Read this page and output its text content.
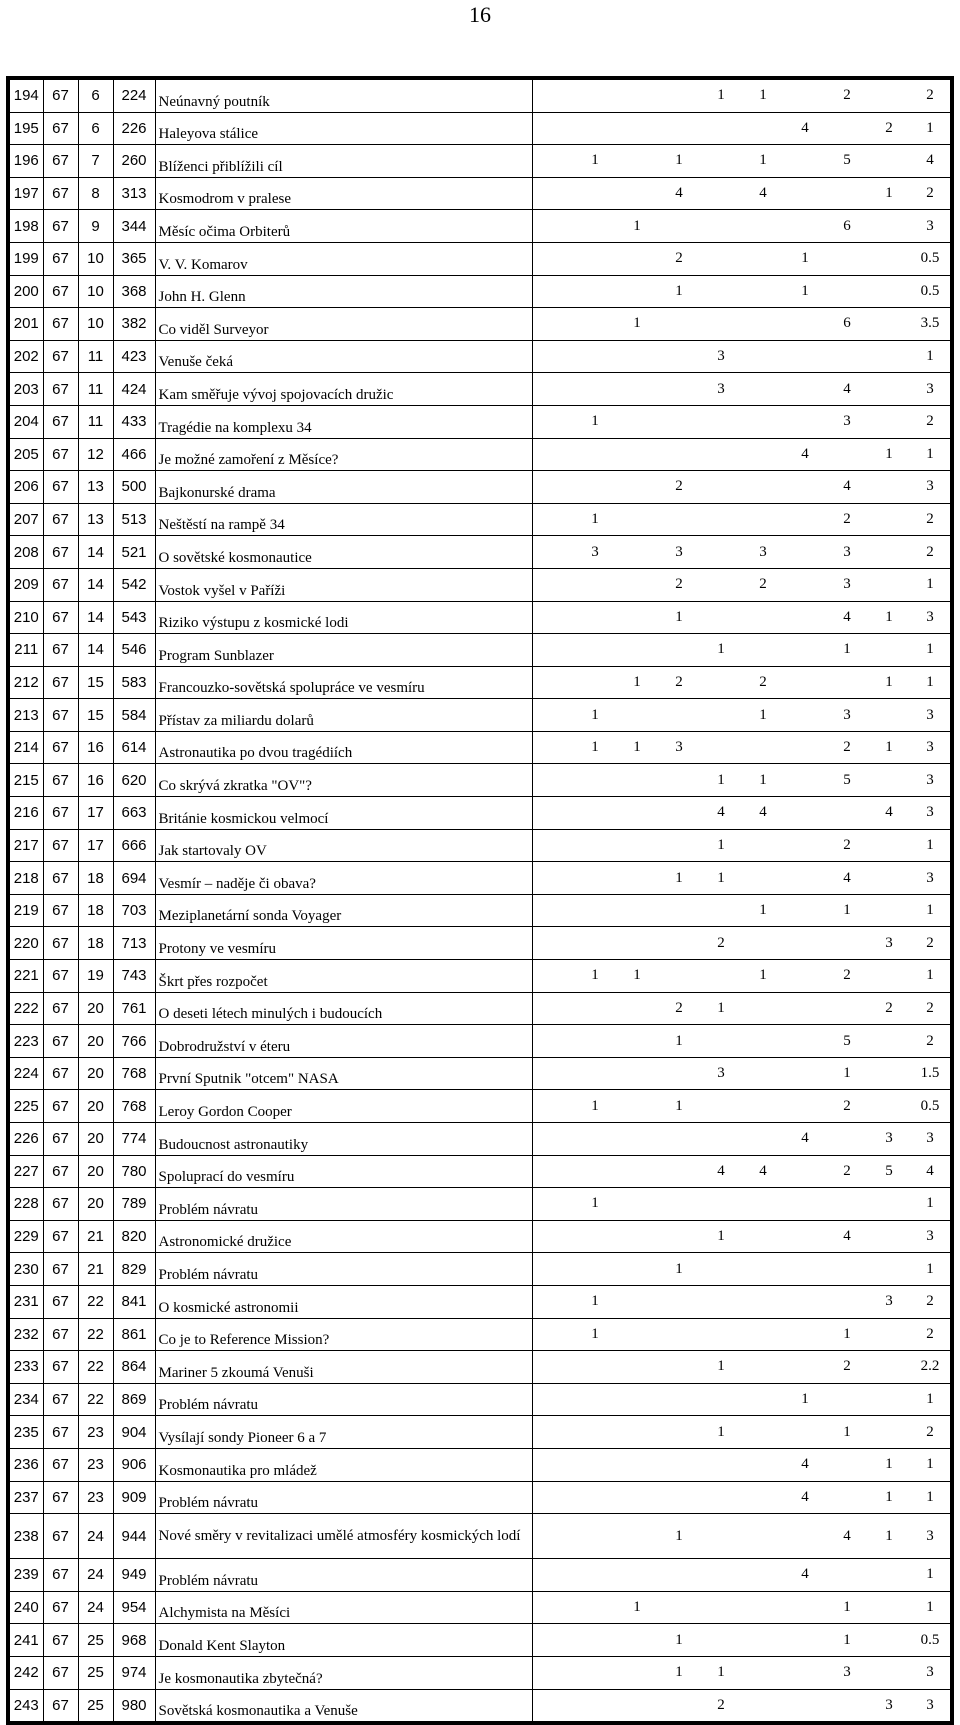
16
194	67	6	224	Neúnavný poutník					1	1		2		2
195	67	6	226	Haleyova stálice							4		2	1
196	67	7	260	Blíženci přiblížili cíl		1		1		1		5		4
197	67	8	313	Kosmodrom v pralese				4		4			1	2
198	67	9	344	Měsíc očima Orbiterů			1					6		3
199	67	10	365	V. V. Komarov				2			1			0.5
200	67	10	368	John H. Glenn				1			1			0.5
201	67	10	382	Co viděl Surveyor			1					6		3.5
202	67	11	423	Venuše čeká					3					1
203	67	11	424	Kam směřuje vývoj spojovacích družic					3			4		3
204	67	11	433	Tragédie na komplexu 34		1						3		2
205	67	12	466	Je možné zamoření z Měsíce?							4		1	1
206	67	13	500	Bajkonurské drama				2				4		3
207	67	13	513	Neštěstí na rampě 34		1						2		2
208	67	14	521	O sovětské kosmonautice		3		3		3		3		2
209	67	14	542	Vostok vyšel v Paříži				2		2		3		1
210	67	14	543	Riziko výstupu z kosmické lodi				1				4	1	3
211	67	14	546	Program Sunblazer					1			1		1
212	67	15	583	Francouzko-sovětská spolupráce ve vesmíru			1	2		2			1	1
213	67	15	584	Přístav za miliardu dolarů		1				1		3		3
214	67	16	614	Astronautika po dvou tragédiích		1	1	3				2	1	3
215	67	16	620	Co skrývá zkratka "OV"?					1	1		5		3
216	67	17	663	Británie kosmickou velmocí					4	4			4	3
217	67	17	666	Jak startovaly OV					1			2		1
218	67	18	694	Vesmír – naděje či obava?				1	1			4		3
219	67	18	703	Meziplanetární sonda Voyager						1		1		1
220	67	18	713	Protony ve vesmíru					2				3	2
221	67	19	743	Škrt přes rozpočet		1	1			1		2		1
222	67	20	761	O deseti létech minulých i budoucích				2	1				2	2
223	67	20	766	Dobrodružství v éteru				1				5		2
224	67	20	768	První Sputnik "otcem" NASA					3			1		1.5
225	67	20	768	Leroy Gordon Cooper		1		1				2		0.5
226	67	20	774	Budoucnost astronautiky							4		3	3
227	67	20	780	Spoluprací do vesmíru					4	4		2	5	4
228	67	20	789	Problém návratu		1								1
229	67	21	820	Astronomické družice					1			4		3
230	67	21	829	Problém návratu				1						1
231	67	22	841	O kosmické astronomii		1							3	2
232	67	22	861	Co je to Reference Mission?		1						1		2
233	67	22	864	Mariner 5 zkoumá Venuši					1			2		2.2
234	67	22	869	Problém návratu							1			1
235	67	23	904	Vysílají sondy Pioneer 6 a 7					1			1		2
236	67	23	906	Kosmonautika pro mládež							4		1	1
237	67	23	909	Problém návratu							4		1	1
238	67	24	944	Nové směry v revitalizaci umělé atmosféry kosmických lodí				1				4	1	3
239	67	24	949	Problém návratu							4			1
240	67	24	954	Alchymista na Měsíci			1					1		1
241	67	25	968	Donald Kent Slayton				1				1		0.5
242	67	25	974	Je kosmonautika zbytečná?				1	1			3		3
243	67	25	980	Sovětská kosmonautika a Venuše					2				3	3
